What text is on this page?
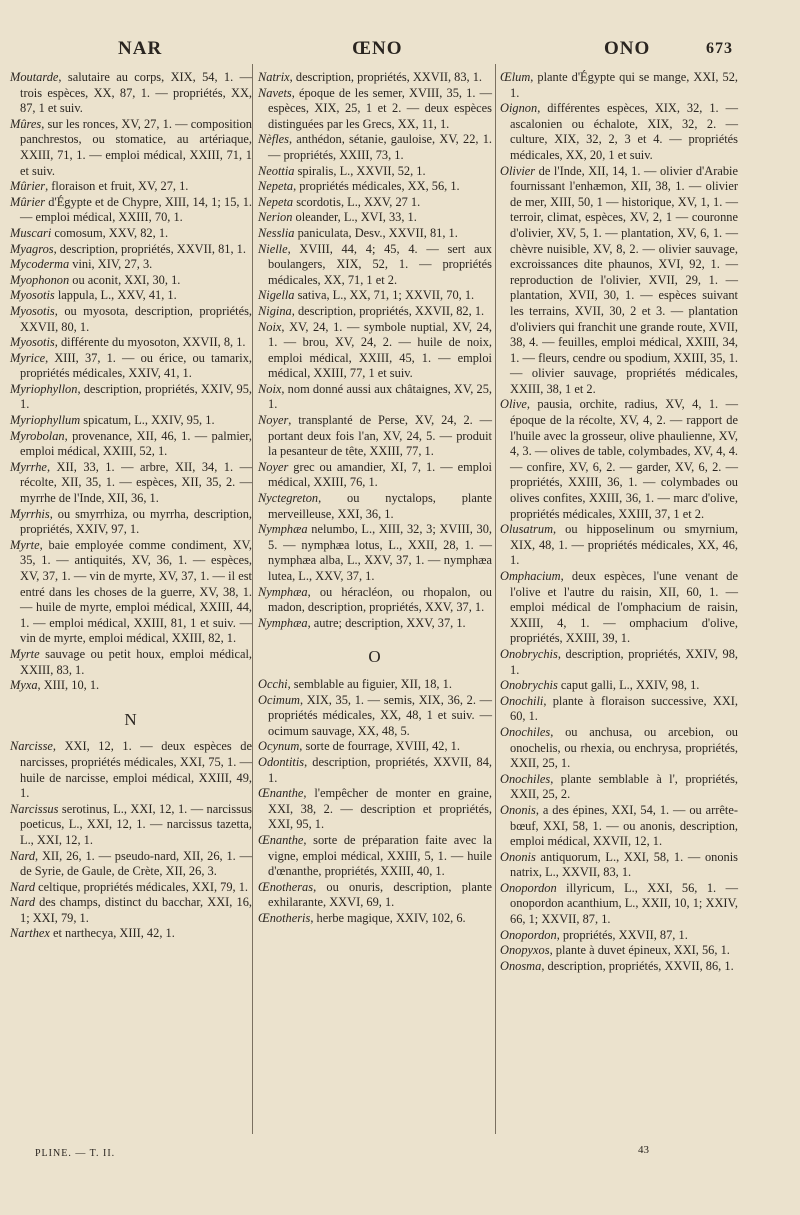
NAR	ŒNO	ONO	673

Moutarde, salutaire au corps, XIX, 54, 1. — trois espèces, XX, 87, 1. — propriétés, XX, 87, 1 et suiv.

Mûres, sur les ronces, XV, 27, 1. — composition panchrestos, ou stomatice, au artériaque, XXIII, 71, 1. — emploi médical, XXIII, 71, 1 et suiv.

Mûrier, floraison et fruit, XV, 27, 1.

Mûrier d'Égypte et de Chypre, XIII, 14, 1; 15, 1. — emploi médical, XXIII, 70, 1.

Muscari comosum, XXV, 82, 1.

Myagros, description, propriétés, XXVII, 81, 1.

Mycoderma vini, XIV, 27, 3.

Myophonon ou aconit, XXI, 30, 1.

Myosotis lappula, L., XXV, 41, 1.

Myosotis, ou myosota, description, propriétés, XXVII, 80, 1.

Myosotis, différente du myosoton, XXVII, 8, 1.

Myrice, XIII, 37, 1. — ou érice, ou tamarix, propriétés médicales, XXIV, 41, 1.

Myriophyllon, description, propriétés, XXIV, 95, 1.

Myriophyllum spicatum, L., XXIV, 95, 1.

Myrobolan, provenance, XII, 46, 1. — palmier, emploi médical, XXIII, 52, 1.

Myrrhe, XII, 33, 1. — arbre, XII, 34, 1. — récolte, XII, 35, 1. — espèces, XII, 35, 2. — myrrhe de l'Inde, XII, 36, 1.

Myrrhis, ou smyrrhiza, ou myrrha, description, propriétés, XXIV, 97, 1.

Myrte, baie employée comme condiment, XV, 35, 1. — antiquités, XV, 36, 1. — espèces, XV, 37, 1. — vin de myrte, XV, 37, 1. — il est entré dans les choses de la guerre, XV, 38, 1. — huile de myrte, emploi médical, XXIII, 44, 1. — emploi médical, XXIII, 81, 1 et suiv. — vin de myrte, emploi médical, XXIII, 82, 1.

Myrte sauvage ou petit houx, emploi médical, XXIII, 83, 1.

Myxa, XIII, 10, 1.

N

Narcisse, XXI, 12, 1. — deux espèces de narcisses, propriétés médicales, XXI, 75, 1. — huile de narcisse, emploi médical, XXIII, 49, 1.

Narcissus serotinus, L., XXI, 12, 1. — narcissus poeticus, L., XXI, 12, 1. — narcissus tazetta, L., XXI, 12, 1.

Nard, XII, 26, 1. — pseudo-nard, XII, 26, 1. — de Syrie, de Gaule, de Crète, XII, 26, 3.

Nard celtique, propriétés médicales, XXI, 79, 1.

Nard des champs, distinct du bacchar, XXI, 16, 1; XXI, 79, 1.

Narthex et narthecya, XIII, 42, 1.

Natrix, description, propriétés, XXVII, 83, 1.

Navets, époque de les semer, XVIII, 35, 1. — espèces, XIX, 25, 1 et 2. — deux espèces distinguées par les Grecs, XX, 11, 1.

Nèfles, anthédon, sétanie, gauloise, XV, 22, 1. — propriétés, XXIII, 73, 1.

Neottia spiralis, L., XXVII, 52, 1.

Nepeta, propriétés médicales, XX, 56, 1.

Nepeta scordotis, L., XXV, 27 1.

Nerion oleander, L., XVI, 33, 1.

Nesslia paniculata, Desv., XXVII, 81, 1.

Nielle, XVIII, 44, 4; 45, 4. — sert aux boulangers, XIX, 52, 1. — propriétés médicales, XX, 71, 1 et 2.

Nigella sativa, L., XX, 71, 1; XXVII, 70, 1.

Nigina, description, propriétés, XXVII, 82, 1.

Noix, XV, 24, 1. — symbole nuptial, XV, 24, 1. — brou, XV, 24, 2. — huile de noix, emploi médical, XXIII, 45, 1. — emploi médical, XXIII, 77, 1 et suiv.

Noix, nom donné aussi aux châtaignes, XV, 25, 1.

Noyer, transplanté de Perse, XV, 24, 2. — portant deux fois l'an, XV, 24, 5. — produit la pesanteur de tête, XXIII, 77, 1.

Noyer grec ou amandier, XI, 7, 1. — emploi médical, XXIII, 76, 1.

Nyctegreton, ou nyctalops, plante merveilleuse, XXI, 36, 1.

Nymphæa nelumbo, L., XIII, 32, 3; XVIII, 30, 5. — nymphæa lotus, L., XXII, 28, 1. — nymphæa alba, L., XXV, 37, 1. — nymphæa lutea, L., XXV, 37, 1.

Nymphæa, ou héracléon, ou rhopalon, ou madon, description, propriétés, XXV, 37, 1.

Nymphæa, autre; description, XXV, 37, 1.

O

Occhi, semblable au figuier, XII, 18, 1.

Ocimum, XIX, 35, 1. — semis, XIX, 36, 2. — propriétés médicales, XX, 48, 1 et suiv. — ocimum sauvage, XX, 48, 5.

Ocynum, sorte de fourrage, XVIII, 42, 1.

Odontitis, description, propriétés, XXVII, 84, 1.

Œnanthe, l'empêcher de monter en graine, XXI, 38, 2. — description et propriétés, XXI, 95, 1.

Œnanthe, sorte de préparation faite avec la vigne, emploi médical, XXIII, 5, 1. — huile d'œnanthe, propriétés, XXIII, 40, 1.

Œnotheras, ou onuris, description, plante exhilarante, XXVI, 69, 1.

Œnotheris, herbe magique, XXIV, 102, 6.

Œlum, plante d'Égypte qui se mange, XXI, 52, 1.

Oignon, différentes espèces, XIX, 32, 1. — ascalonien ou échalote, XIX, 32, 2. — culture, XIX, 32, 2, 3 et 4. — propriétés médicales, XX, 20, 1 et suiv.

Olivier de l'Inde, XII, 14, 1. — olivier d'Arabie fournissant l'enhæmon, XII, 38, 1. — olivier de mer, XIII, 50, 1 — historique, XV, 1, 1. — terroir, climat, espèces, XV, 2, 1 — couronne d'olivier, XV, 5, 1. — plantation, XV, 6, 1. — chèvre nuisible, XV, 8, 2. — olivier sauvage, excroissances dite phaunos, XVI, 92, 1. — reproduction de l'olivier, XVII, 29, 1. — plantation, XVII, 30, 1. — espèces suivant les terrains, XVII, 30, 2 et 3. — plantation d'oliviers qui franchit une grande route, XVII, 38, 4. — feuilles, emploi médical, XXIII, 34, 1. — fleurs, cendre ou spodium, XXIII, 35, 1. — olivier sauvage, propriétés médicales, XXIII, 38, 1 et 2.

Olive, pausia, orchite, radius, XV, 4, 1. — époque de la récolte, XV, 4, 2. — rapport de l'huile avec la grosseur, olive phaulienne, XV, 4, 3. — olives de table, colymbades, XV, 4, 4. — confire, XV, 6, 2. — garder, XV, 6, 2. — propriétés, XXIII, 36, 1. — colymbades ou olives confites, XXIII, 36, 1. — marc d'olive, propriétés médicales, XXIII, 37, 1 et 2.

Olusatrum, ou hipposelinum ou smyrnium, XIX, 48, 1. — propriétés médicales, XX, 46, 1.

Omphacium, deux espèces, l'une venant de l'olive et l'autre du raisin, XII, 60, 1. — emploi médical de l'omphacium de raisin, XXIII, 4, 1. — omphacium d'olive, propriétés, XXIII, 39, 1.

Onobrychis, description, propriétés, XXIV, 98, 1.

Onobrychis caput galli, L., XXIV, 98, 1.

Onochili, plante à floraison successive, XXI, 60, 1.

Onochiles, ou anchusa, ou arcebion, ou onochelis, ou rhexia, ou enchrysa, propriétés, XXII, 25, 1.

Onochiles, plante semblable à l', propriétés, XXII, 25, 2.

Ononis, a des épines, XXI, 54, 1. — ou arrête-bœuf, XXI, 58, 1. — ou anonis, description, emploi médical, XXVII, 12, 1.

Ononis antiquorum, L., XXI, 58, 1. — ononis natrix, L., XXVII, 83, 1.

Onopordon illyricum, L., XXI, 56, 1. — onopordon acanthium, L., XXII, 10, 1; XXIV, 66, 1; XXVII, 87, 1.

Onopordon, propriétés, XXVII, 87, 1.

Onopyxos, plante à duvet épineux, XXI, 56, 1.

Onosma, description, propriétés, XXVII, 86, 1.

PLINE. — T. II.	43
